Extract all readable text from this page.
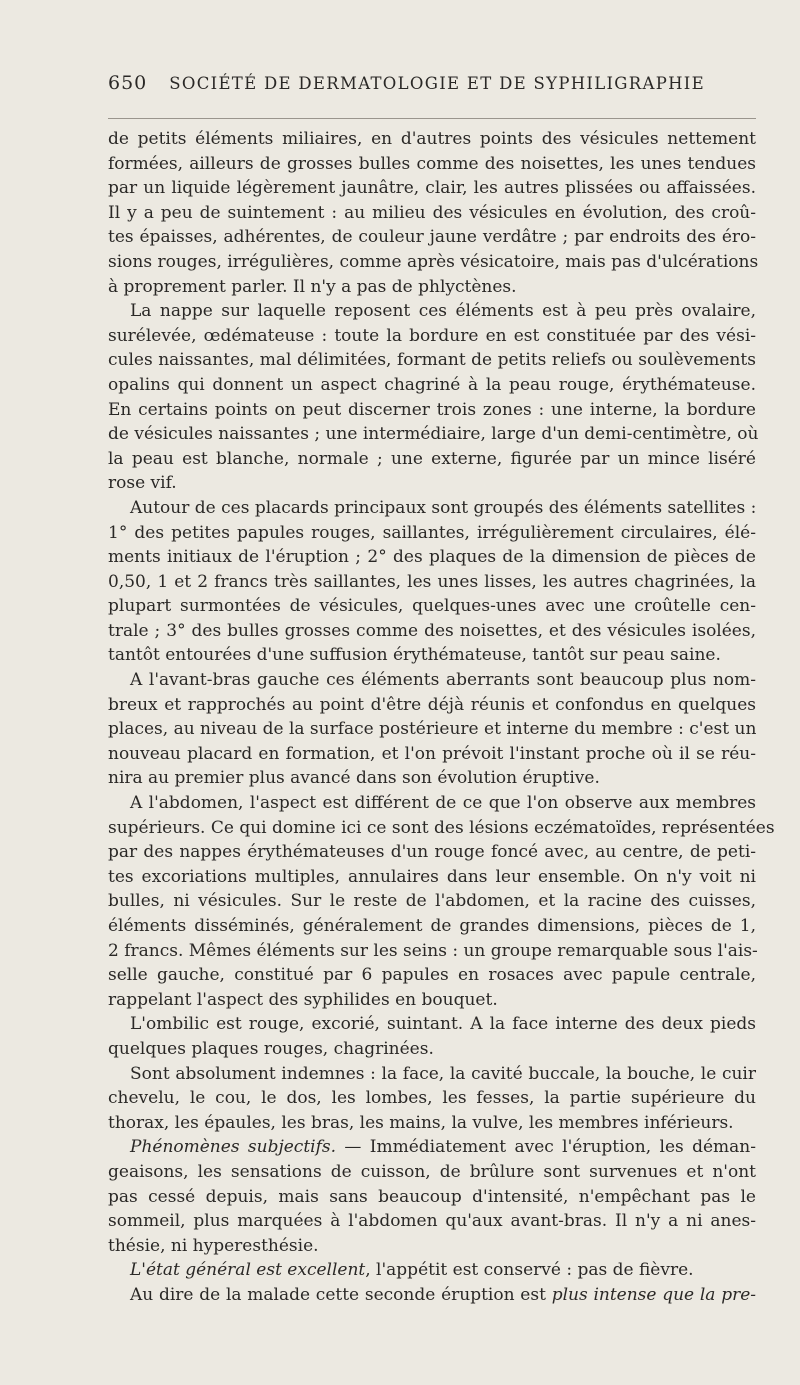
650 SOCIÉTÉ DE DERMATOLOGIE ET DE SYPHILIGRAPHIE
de petits éléments miliaires, en d'autres points des vésicules nettement
formées, ailleurs de grosses bulles comme des noisettes, les unes tendues
par un liquide légèrement jaunâtre, clair, les autres plissées ou affaissées.
Il y a peu de suintement : au milieu des vésicules en évolution, des croû-
tes épaisses, adhérentes, de couleur jaune verdâtre ; par endroits des éro-
sions rouges, irrégulières, comme après vésicatoire, mais pas d'ulcérations
à proprement parler. Il n'y a pas de phlyctènes.
La nappe sur laquelle reposent ces éléments est à peu près ovalaire,
surélevée, œdémateuse : toute la bordure en est constituée par des vési-
cules naissantes, mal délimitées, formant de petits reliefs ou soulèvements
opalins qui donnent un aspect chagriné à la peau rouge, érythémateuse.
En certains points on peut discerner trois zones : une interne, la bordure
de vésicules naissantes ; une intermédiaire, large d'un demi-centimètre, où
la peau est blanche, normale ; une externe, figurée par un mince liséré
rose vif.
Autour de ces placards principaux sont groupés des éléments satellites :
1° des petites papules rouges, saillantes, irrégulièrement circulaires, élé-
ments initiaux de l'éruption ; 2° des plaques de la dimension de pièces de
0,50, 1 et 2 francs très saillantes, les unes lisses, les autres chagrinées, la
plupart surmontées de vésicules, quelques-unes avec une croûtelle cen-
trale ; 3° des bulles grosses comme des noisettes, et des vésicules isolées,
tantôt entourées d'une suffusion érythémateuse, tantôt sur peau saine.
A l'avant-bras gauche ces éléments aberrants sont beaucoup plus nom-
breux et rapprochés au point d'être déjà réunis et confondus en quelques
places, au niveau de la surface postérieure et interne du membre : c'est un
nouveau placard en formation, et l'on prévoit l'instant proche où il se réu-
nira au premier plus avancé dans son évolution éruptive.
A l'abdomen, l'aspect est différent de ce que l'on observe aux membres
supérieurs. Ce qui domine ici ce sont des lésions eczématoïdes, représentées
par des nappes érythémateuses d'un rouge foncé avec, au centre, de peti-
tes excoriations multiples, annulaires dans leur ensemble. On n'y voit ni
bulles, ni vésicules. Sur le reste de l'abdomen, et la racine des cuisses,
éléments disséminés, généralement de grandes dimensions, pièces de 1,
2 francs. Mêmes éléments sur les seins : un groupe remarquable sous l'ais-
selle gauche, constitué par 6 papules en rosaces avec papule centrale,
rappelant l'aspect des syphilides en bouquet.
L'ombilic est rouge, excorié, suintant. A la face interne des deux pieds
quelques plaques rouges, chagrinées.
Sont absolument indemnes : la face, la cavité buccale, la bouche, le cuir
chevelu, le cou, le dos, les lombes, les fesses, la partie supérieure du
thorax, les épaules, les bras, les mains, la vulve, les membres inférieurs.
Phénomènes subjectifs. — Immédiatement avec l'éruption, les déman-
geaisons, les sensations de cuisson, de brûlure sont survenues et n'ont
pas cessé depuis, mais sans beaucoup d'intensité, n'empêchant pas le
sommeil, plus marquées à l'abdomen qu'aux avant-bras. Il n'y a ni anes-
thésie, ni hyperesthésie.
L'état général est excellent, l'appétit est conservé : pas de fièvre.
Au dire de la malade cette seconde éruption est plus intense que la pre-
